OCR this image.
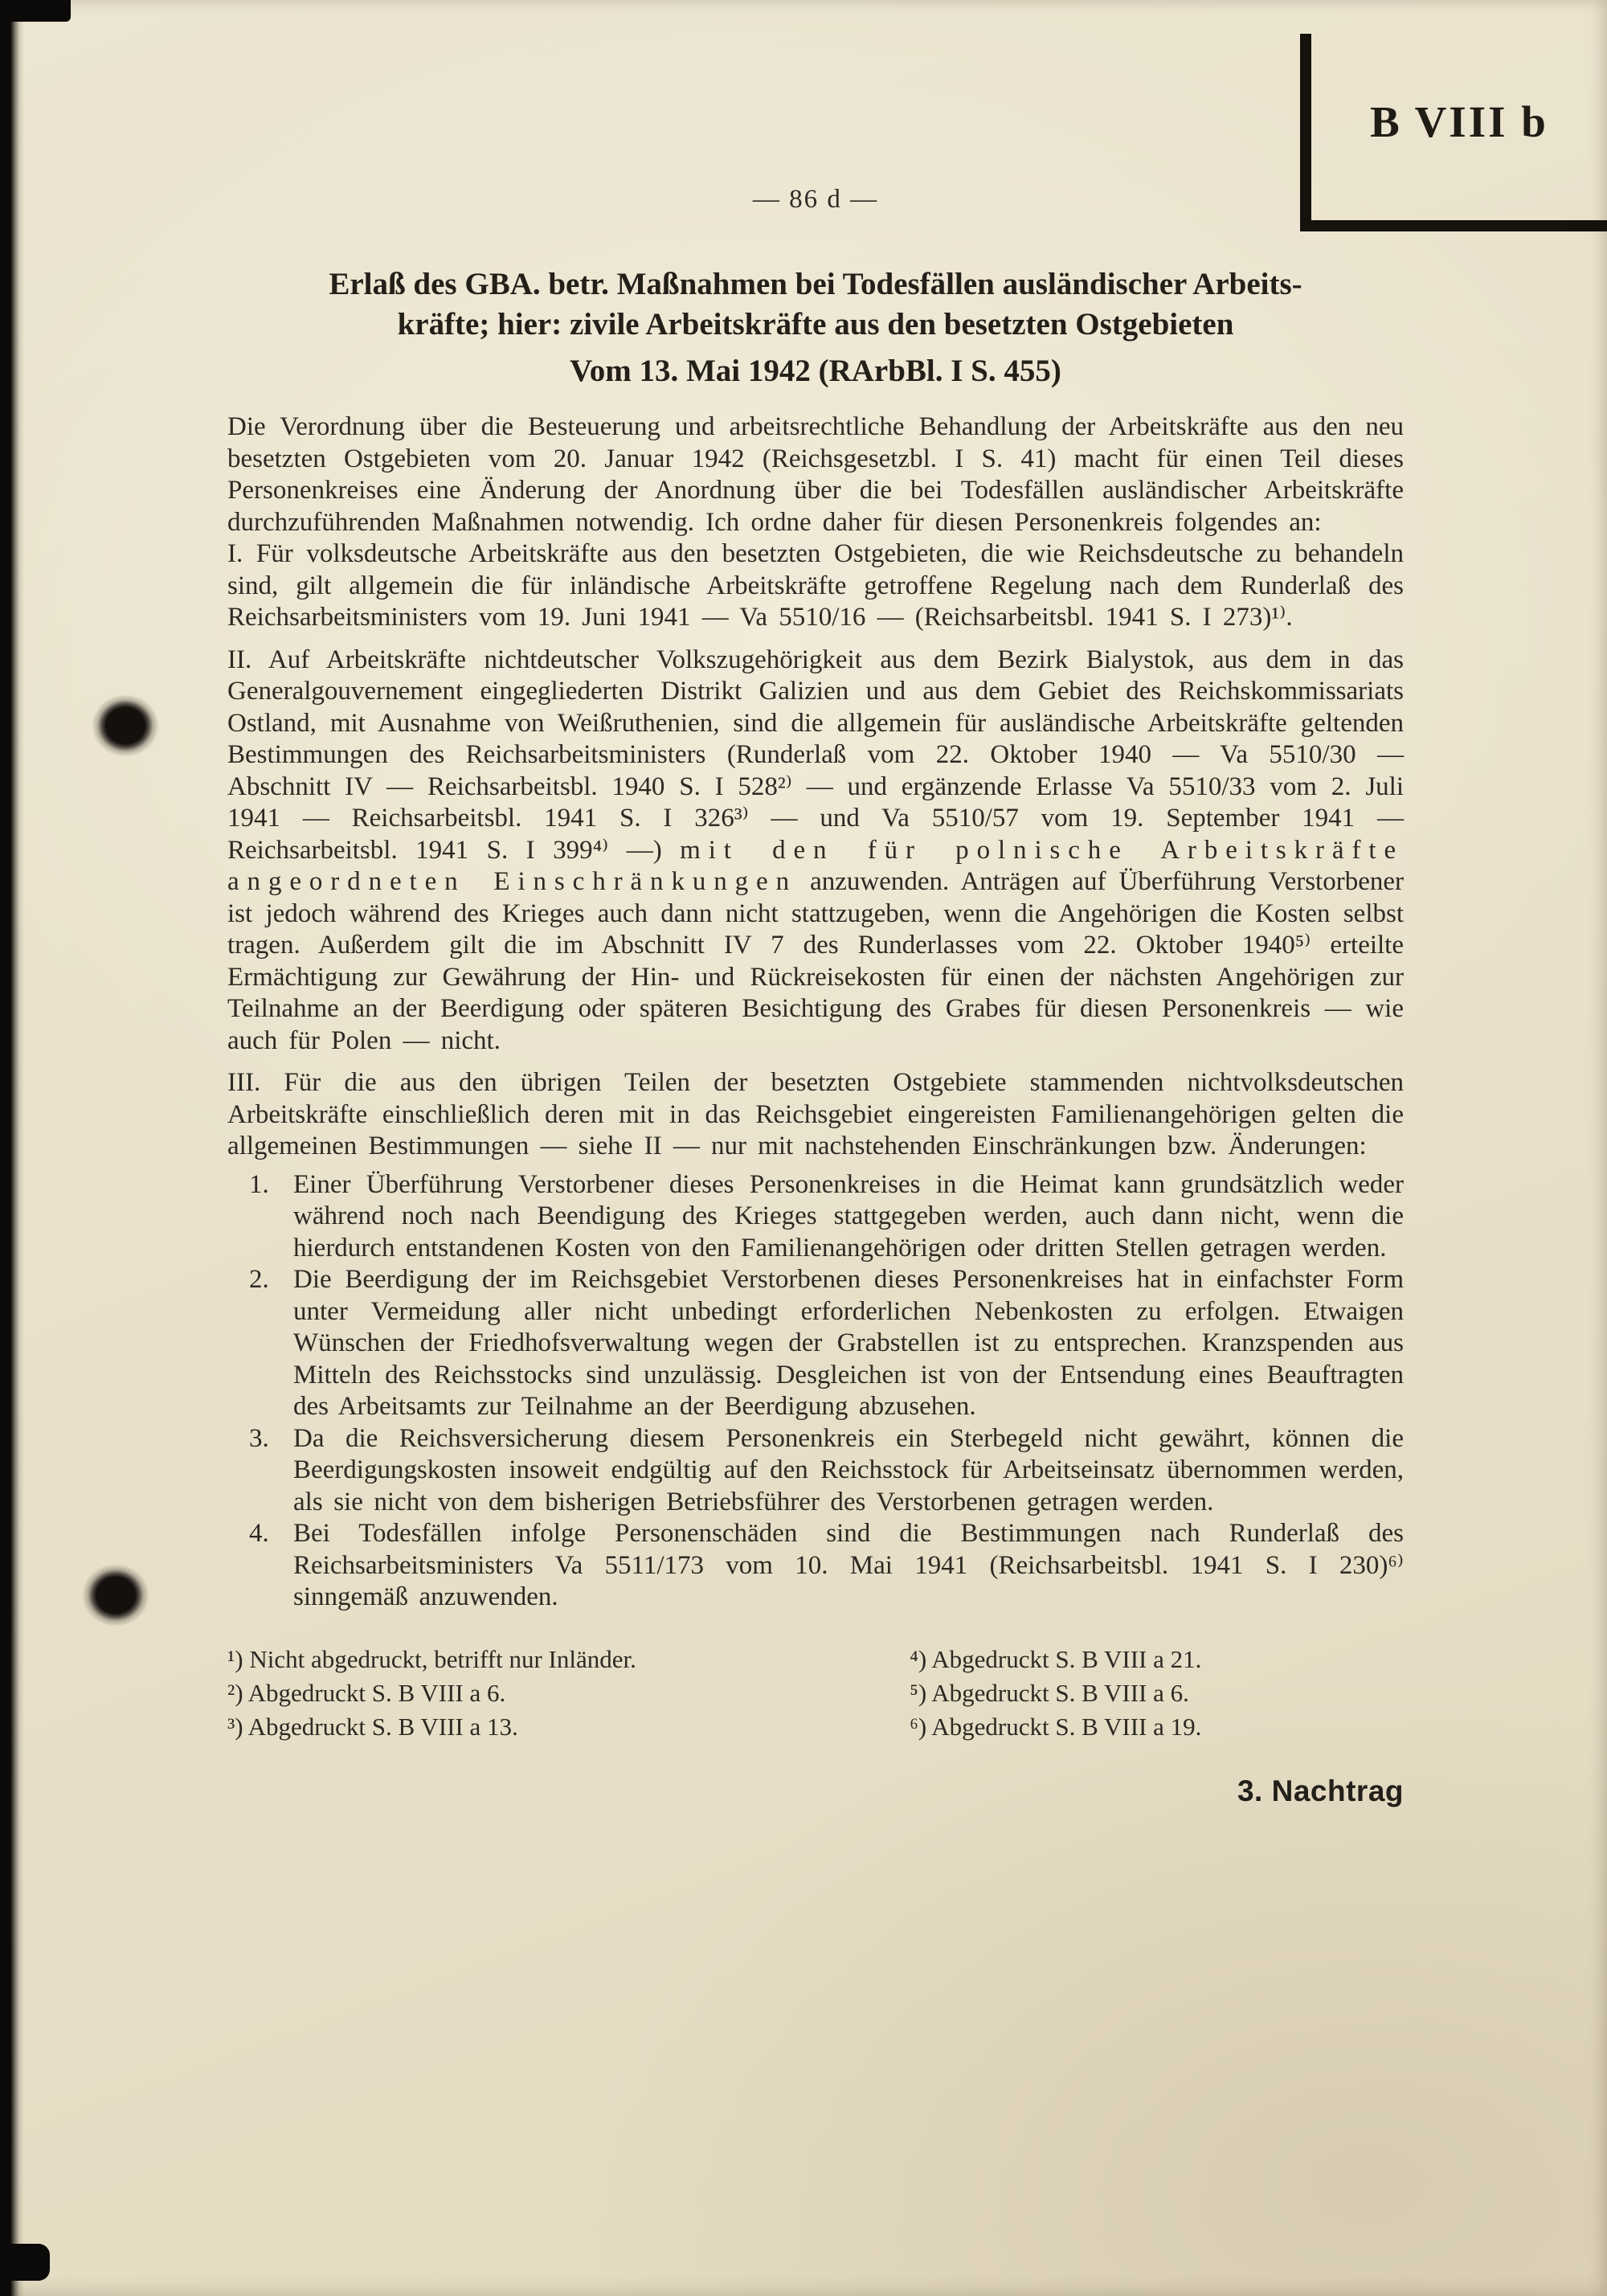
B VIII b
— 86 d —
Erlaß des GBA. betr. Maßnahmen bei Todesfällen ausländischer Arbeits-
kräfte; hier: zivile Arbeitskräfte aus den besetzten Ostgebieten
Vom 13. Mai 1942 (RArbBl. I S. 455)

Die Verordnung über die Besteuerung und arbeitsrechtliche Behandlung der Arbeitskräfte aus den neu besetzten Ostgebieten vom 20. Januar 1942 (Reichsgesetzbl. I S. 41) macht für einen Teil dieses Personenkreises eine Änderung der Anordnung über die bei Todesfällen ausländischer Arbeitskräfte durchzuführenden Maßnahmen notwendig. Ich ordne daher für diesen Personenkreis folgendes an:

I. Für volksdeutsche Arbeitskräfte aus den besetzten Ostgebieten, die wie Reichsdeutsche zu behandeln sind, gilt allgemein die für inländische Arbeitskräfte getroffene Regelung nach dem Runderlaß des Reichsarbeitsministers vom 19. Juni 1941 — Va 5510/16 — (Reichsarbeitsbl. 1941 S. I 273)¹⁾.

II. Auf Arbeitskräfte nichtdeutscher Volkszugehörigkeit aus dem Bezirk Bialystok, aus dem in das Generalgouvernement eingegliederten Distrikt Galizien und aus dem Gebiet des Reichskommissariats Ostland, mit Ausnahme von Weißruthenien, sind die allgemein für ausländische Arbeitskräfte geltenden Bestimmungen des Reichsarbeitsministers (Runderlaß vom 22. Oktober 1940 — Va 5510/30 — Abschnitt IV — Reichsarbeitsbl. 1940 S. I 528²⁾ — und ergänzende Erlasse Va 5510/33 vom 2. Juli 1941 — Reichsarbeitsbl. 1941 S. I 326³⁾ — und Va 5510/57 vom 19. September 1941 — Reichsarbeitsbl. 1941 S. I 399⁴⁾ —) mit den für polnische Arbeitskräfte angeordneten Einschränkungen anzuwenden. Anträgen auf Überführung Verstorbener ist jedoch während des Krieges auch dann nicht stattzugeben, wenn die Angehörigen die Kosten selbst tragen. Außerdem gilt die im Abschnitt IV 7 des Runderlasses vom 22. Oktober 1940⁵⁾ erteilte Ermächtigung zur Gewährung der Hin- und Rückreisekosten für einen der nächsten Angehörigen zur Teilnahme an der Beerdigung oder späteren Besichtigung des Grabes für diesen Personenkreis — wie auch für Polen — nicht.

III. Für die aus den übrigen Teilen der besetzten Ostgebiete stammenden nichtvolksdeutschen Arbeitskräfte einschließlich deren mit in das Reichsgebiet eingereisten Familienangehörigen gelten die allgemeinen Bestimmungen — siehe II — nur mit nachstehenden Einschränkungen bzw. Änderungen:

1. Einer Überführung Verstorbener dieses Personenkreises in die Heimat kann grundsätzlich weder während noch nach Beendigung des Krieges stattgegeben werden, auch dann nicht, wenn die hierdurch entstandenen Kosten von den Familienangehörigen oder dritten Stellen getragen werden.
2. Die Beerdigung der im Reichsgebiet Verstorbenen dieses Personenkreises hat in einfachster Form unter Vermeidung aller nicht unbedingt erforderlichen Nebenkosten zu erfolgen. Etwaigen Wünschen der Friedhofsverwaltung wegen der Grabstellen ist zu entsprechen. Kranzspenden aus Mitteln des Reichsstocks sind unzulässig. Desgleichen ist von der Entsendung eines Beauftragten des Arbeitsamts zur Teilnahme an der Beerdigung abzusehen.
3. Da die Reichsversicherung diesem Personenkreis ein Sterbegeld nicht gewährt, können die Beerdigungskosten insoweit endgültig auf den Reichsstock für Arbeitseinsatz übernommen werden, als sie nicht von dem bisherigen Betriebsführer des Verstorbenen getragen werden.
4. Bei Todesfällen infolge Personenschäden sind die Bestimmungen nach Runderlaß des Reichsarbeitsministers Va 5511/173 vom 10. Mai 1941 (Reichsarbeitsbl. 1941 S. I 230)⁶⁾ sinngemäß anzuwenden.
¹) Nicht abgedruckt, betrifft nur Inländer.
²) Abgedruckt S. B VIII a 6.
³) Abgedruckt S. B VIII a 13.
⁴) Abgedruckt S. B VIII a 21.
⁵) Abgedruckt S. B VIII a 6.
⁶) Abgedruckt S. B VIII a 19.
3. Nachtrag
